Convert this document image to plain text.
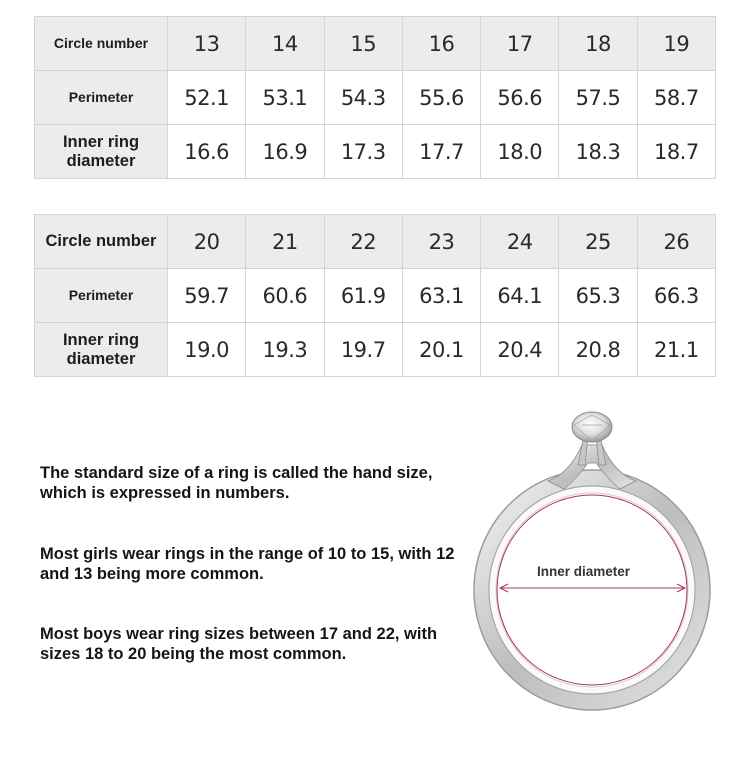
Circle number	13	14	15	16	17	18	19
Perimeter	52.1	53.1	54.3	55.6	56.6	57.5	58.7
Inner ring diameter	16.6	16.9	17.3	17.7	18.0	18.3	18.7
Circle number	20	21	22	23	24	25	26
Perimeter	59.7	60.6	61.9	63.1	64.1	65.3	66.3
Inner ring diameter	19.0	19.3	19.7	20.1	20.4	20.8	21.1

The standard size of a ring is called the hand size, which is expressed in numbers.

Most girls wear rings in the range of 10 to 15, with 12 and 13 being more common.

Most boys wear ring sizes between 17 and 22, with sizes 18 to 20 being the most common.

Inner diameter
